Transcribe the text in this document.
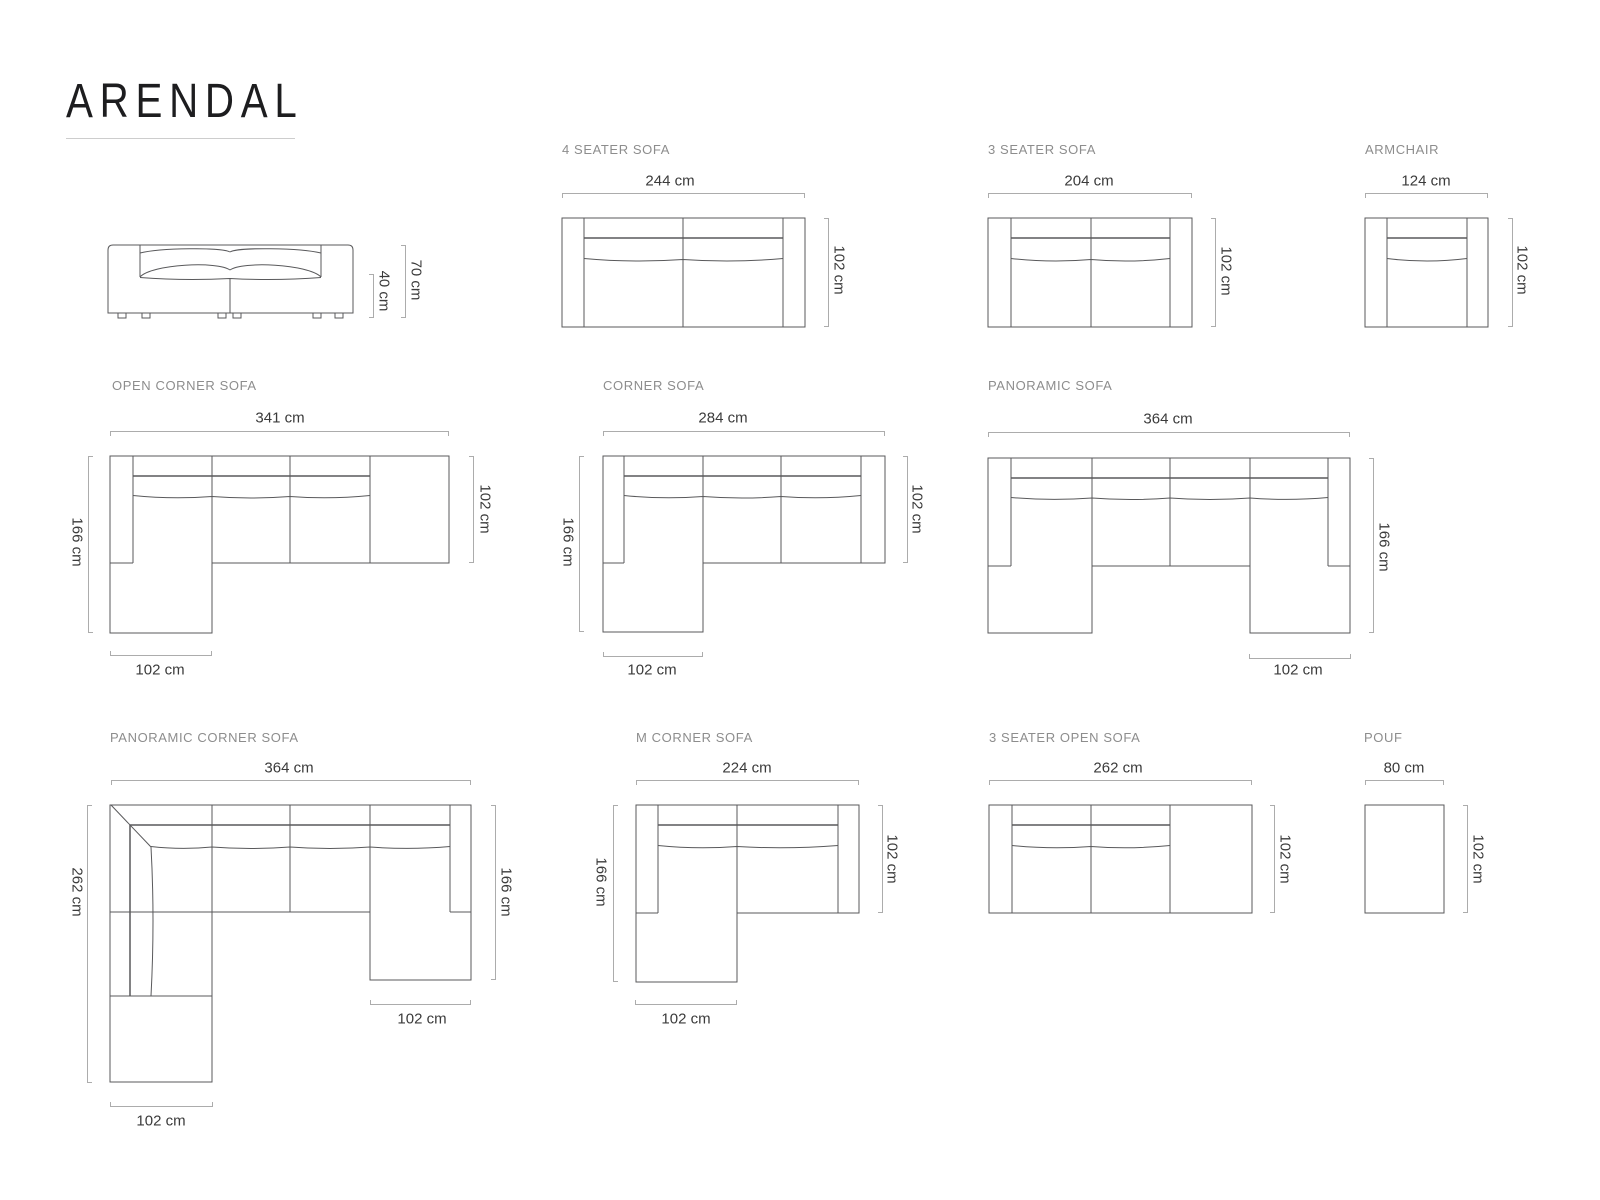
ARENDAL
40 cm 70 cm
4 SEATER SOFA
244 cm
102 cm
3 SEATER SOFA
204 cm
102 cm
ARMCHAIR
124 cm
102 cm
OPEN CORNER SOFA
341 cm
166 cm
102 cm
102 cm
CORNER SOFA
284 cm
166 cm
102 cm
102 cm
PANORAMIC SOFA
364 cm
166 cm
102 cm
PANORAMIC CORNER SOFA
364 cm
262 cm	166 cm
102 cm
102 cm
M CORNER SOFA
224 cm
166 cm	102 cm
102 cm
3 SEATER OPEN SOFA
262 cm
102 cm
POUF
80 cm
102 cm
